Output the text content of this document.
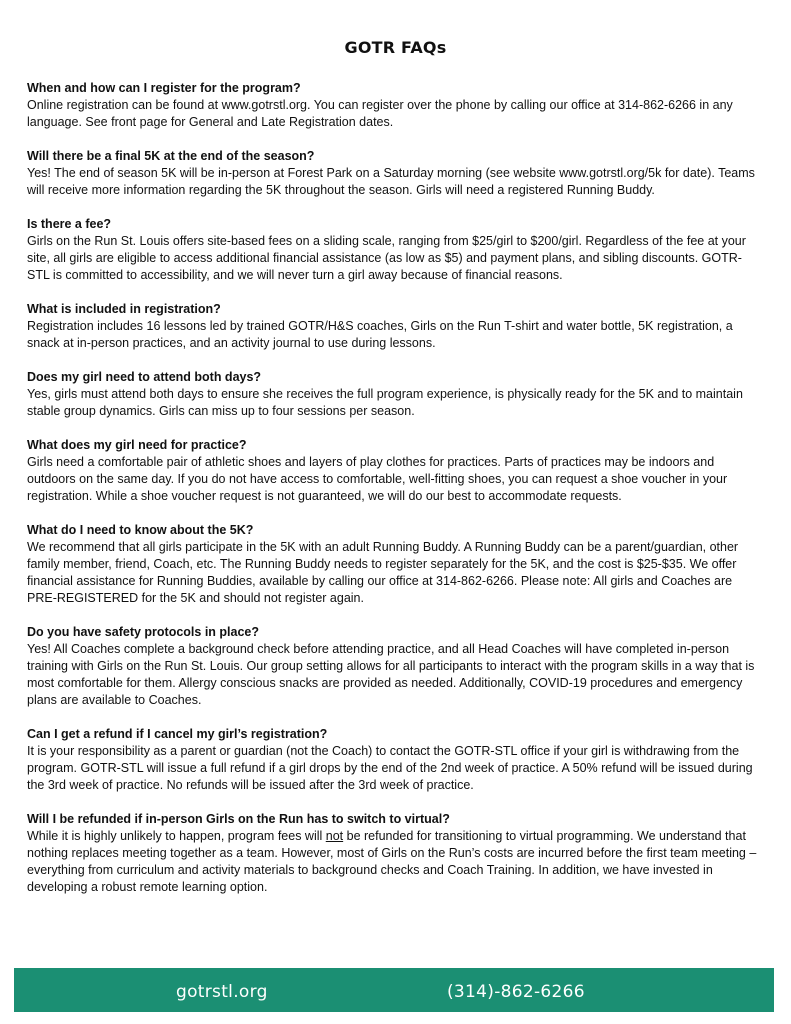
GOTR FAQs
When and how can I register for the program?
Online registration can be found at www.gotrstl.org. You can register over the phone by calling our office at 314-862-6266 in any language. See front page for General and Late Registration dates.
Will there be a final 5K at the end of the season?
Yes! The end of season 5K will be in-person at Forest Park on a Saturday morning (see website www.gotrstl.org/5k for date). Teams will receive more information regarding the 5K throughout the season. Girls will need a registered Running Buddy.
Is there a fee?
Girls on the Run St. Louis offers site-based fees on a sliding scale, ranging from $25/girl to $200/girl. Regardless of the fee at your site, all girls are eligible to access additional financial assistance (as low as $5) and payment plans, and sibling discounts. GOTR-STL is committed to accessibility, and we will never turn a girl away because of financial reasons.
What is included in registration?
Registration includes 16 lessons led by trained GOTR/H&S coaches, Girls on the Run T-shirt and water bottle, 5K registration, a snack at in-person practices, and an activity journal to use during lessons.
Does my girl need to attend both days?
Yes, girls must attend both days to ensure she receives the full program experience, is physically ready for the 5K and to maintain stable group dynamics. Girls can miss up to four sessions per season.
What does my girl need for practice?
Girls need a comfortable pair of athletic shoes and layers of play clothes for practices. Parts of practices may be indoors and outdoors on the same day. If you do not have access to comfortable, well-fitting shoes, you can request a shoe voucher in your registration. While a shoe voucher request is not guaranteed, we will do our best to accommodate requests.
What do I need to know about the 5K?
We recommend that all girls participate in the 5K with an adult Running Buddy. A Running Buddy can be a parent/guardian, other family member, friend, Coach, etc. The Running Buddy needs to register separately for the 5K, and the cost is $25-$35. We offer financial assistance for Running Buddies, available by calling our office at 314-862-6266. Please note: All girls and Coaches are PRE-REGISTERED for the 5K and should not register again.
Do you have safety protocols in place?
Yes! All Coaches complete a background check before attending practice, and all Head Coaches will have completed in-person training with Girls on the Run St. Louis. Our group setting allows for all participants to interact with the program skills in a way that is most comfortable for them. Allergy conscious snacks are provided as needed. Additionally, COVID-19 procedures and emergency plans are available to Coaches.
Can I get a refund if I cancel my girl’s registration?
It is your responsibility as a parent or guardian (not the Coach) to contact the GOTR-STL office if your girl is withdrawing from the program. GOTR-STL will issue a full refund if a girl drops by the end of the 2nd week of practice. A 50% refund will be issued during the 3rd week of practice. No refunds will be issued after the 3rd week of practice.
Will I be refunded if in-person Girls on the Run has to switch to virtual?
While it is highly unlikely to happen, program fees will not be refunded for transitioning to virtual programming. We understand that nothing replaces meeting together as a team. However, most of Girls on the Run’s costs are incurred before the first team meeting – everything from curriculum and activity materials to background checks and Coach Training. In addition, we have invested in developing a robust remote learning option.
gotrstl.org	(314)-862-6266
